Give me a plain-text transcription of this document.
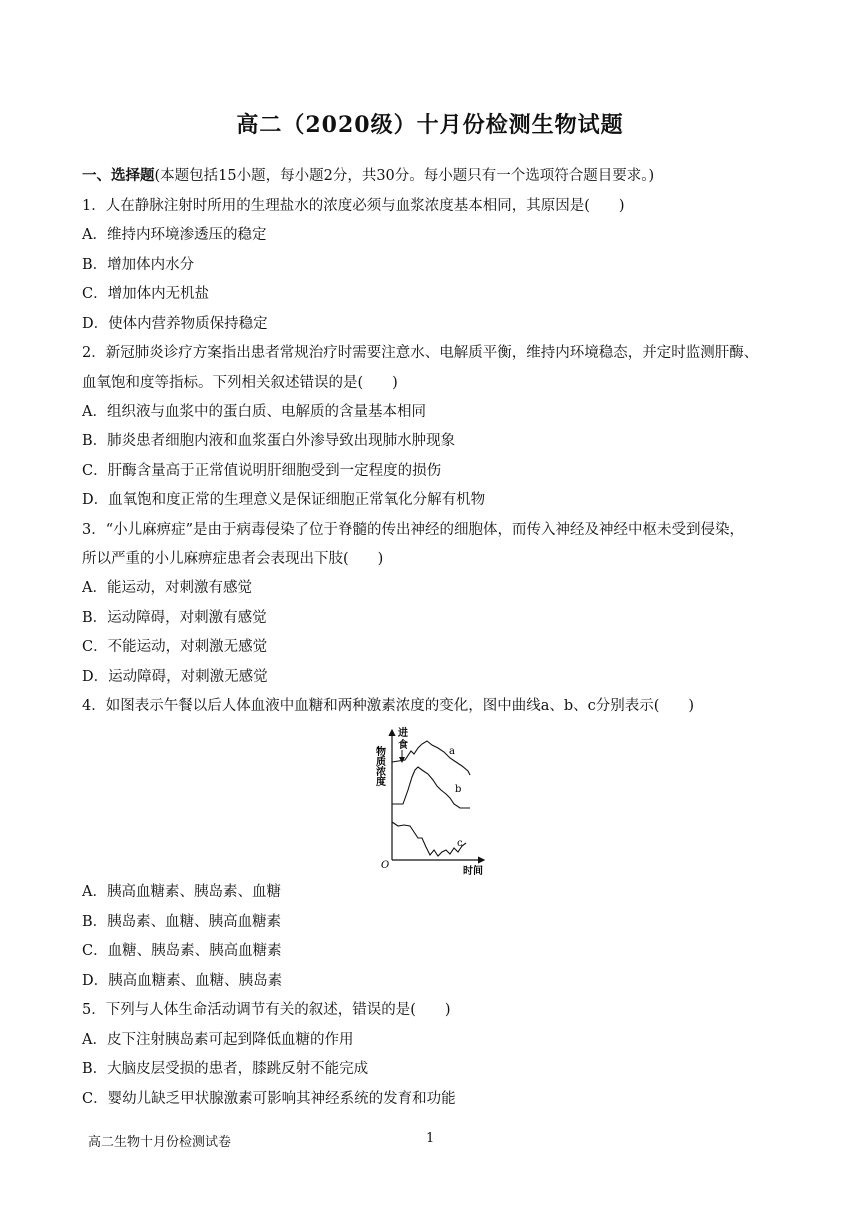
高二（2020级）十月份检测生物试题
一、选择题(本题包括15小题，每小题2分，共30分。每小题只有一个选项符合题目要求。)
1．人在静脉注射时所用的生理盐水的浓度必须与血浆浓度基本相同，其原因是(　　)
A．维持内环境渗透压的稳定
B．增加体内水分
C．增加体内无机盐
D．使体内营养物质保持稳定
2．新冠肺炎诊疗方案指出患者常规治疗时需要注意水、电解质平衡，维持内环境稳态，并定时监测肝酶、
血氧饱和度等指标。下列相关叙述错误的是(　　)
A．组织液与血浆中的蛋白质、电解质的含量基本相同
B．肺炎患者细胞内液和血浆蛋白外渗导致出现肺水肿现象
C．肝酶含量高于正常值说明肝细胞受到一定程度的损伤
D．血氧饱和度正常的生理意义是保证细胞正常氧化分解有机物
3．“小儿麻痹症”是由于病毒侵染了位于脊髓的传出神经的细胞体，而传入神经及神经中枢未受到侵染，
所以严重的小儿麻痹症患者会表现出下肢(　　)
A．能运动，对刺激有感觉
B．运动障碍，对刺激有感觉
C．不能运动，对刺激无感觉
D．运动障碍，对刺激无感觉
4．如图表示午餐以后人体血液中血糖和两种激素浓度的变化，图中曲线a、b、c分别表示(　　)
物质浓度
进
食
a
b
c
O
时间
A．胰高血糖素、胰岛素、血糖
B．胰岛素、血糖、胰高血糖素
C．血糖、胰岛素、胰高血糖素
D．胰高血糖素、血糖、胰岛素
5．下列与人体生命活动调节有关的叙述，错误的是(　　)
A．皮下注射胰岛素可起到降低血糖的作用
B．大脑皮层受损的患者，膝跳反射不能完成
C．婴幼儿缺乏甲状腺激素可影响其神经系统的发育和功能
高二生物十月份检测试卷	1
